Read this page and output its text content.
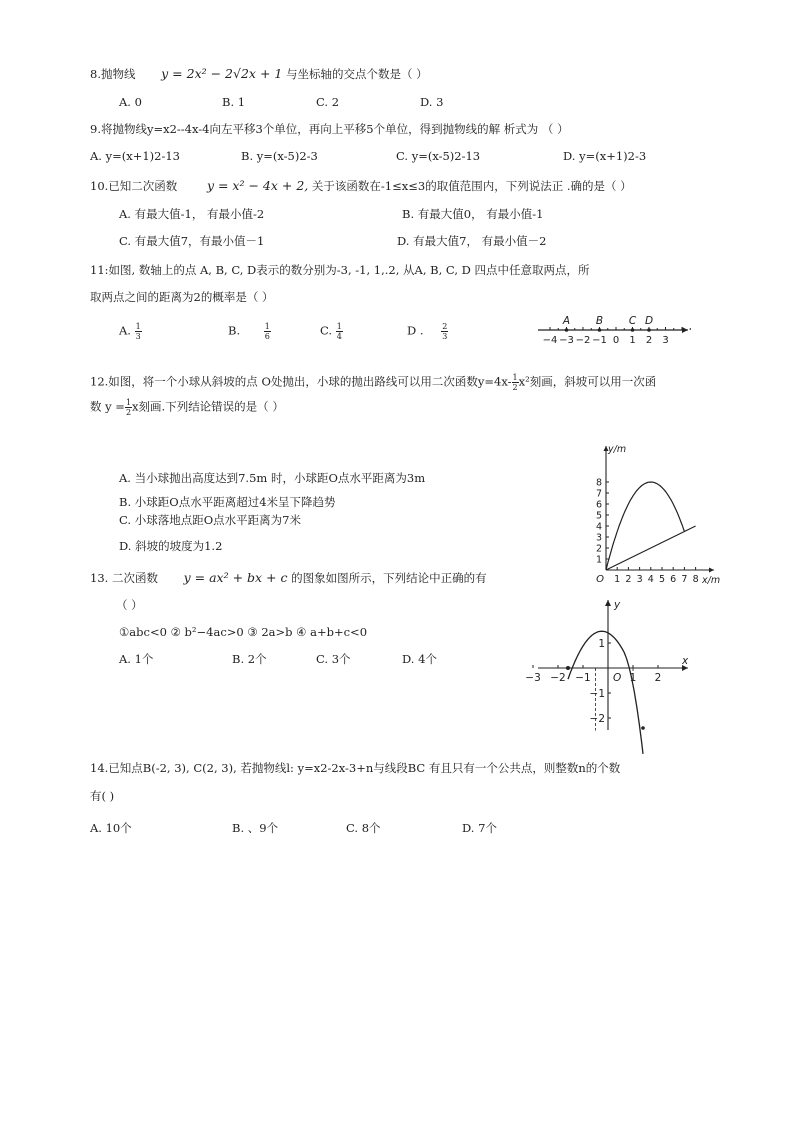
8.抛物线 y = 2x² − 2√2x + 1 与坐标轴的交点个数是（ ）
A. 0	B. 1	C. 2	D. 3
9.将抛物线y=x2--4x-4向左平移3个单位，再向上平移5个单位，得到抛物线的解 析式为 （ ）
A. y=(x+1)2-13	B. y=(x-5)2-3	C. y=(x-5)2-13	D. y=(x+1)2-3
10.已知二次函数 y = x² − 4x + 2, 关于该函数在-1≤x≤3的取值范围内，下列说法正 .确的是（ ）
A. 有最大值-1， 有最小值-2	B. 有最大值0， 有最小值-1
C. 有最大值7，有最小值－1	D. 有最大值7， 有最小值－2
11:如图, 数轴上的点 A, B, C, D表示的数分别为-3, -1, 1,.2, 从A, B, C, D 四点中任意取两点，所
取两点之间的距离为2的概率是（ ）
A. $\frac{1}{3}$	B.	$\frac{1}{6}$	C. $\frac{1}{4}$	D . $\frac{2}{3}$	−4 −3 −2 −1 0 1 2 3
A B C D
12.如图，将一个小球从斜坡的点 O处抛出，小球的抛出路线可以用二次函数$y=4x- \frac{1}{2} x^2$刻画，斜坡可以用一次函
数 $y = \frac{1}{2}$ x刻画.下列结论错误的是（ ）
A. 当小球抛出高度达到7.5m 时，小球距O点水平距离为3m
B. 小球距O点水平距离超过4米呈下降趋势
C. 小球落地点距O点水平距离为7米
D. 斜坡的坡度为1.2
1
2
3
4
5
6
7
8
1 2 3 4 5 6 7 8
O
y/m
x/m
13. 二次函数 y = ax² + bx + c 的图象如图所示，下列结论中正确的有
（ ）
①abc<0 ② b²−4ac>0 ③ 2a>b ④ a+b+c<0
A. 1个	B. 2个	C. 3个	D. 4个
−3 −2 −1	1 2
1
−1
−2
O
y
x
14.已知点B(-2, 3), C(2, 3), 若抛物线l: y=x2-2x-3+n与线段BC 有且只有一个公共点，则整数n的个数
有( )
A. 10个	B. 、9个	C. 8个	D. 7个
